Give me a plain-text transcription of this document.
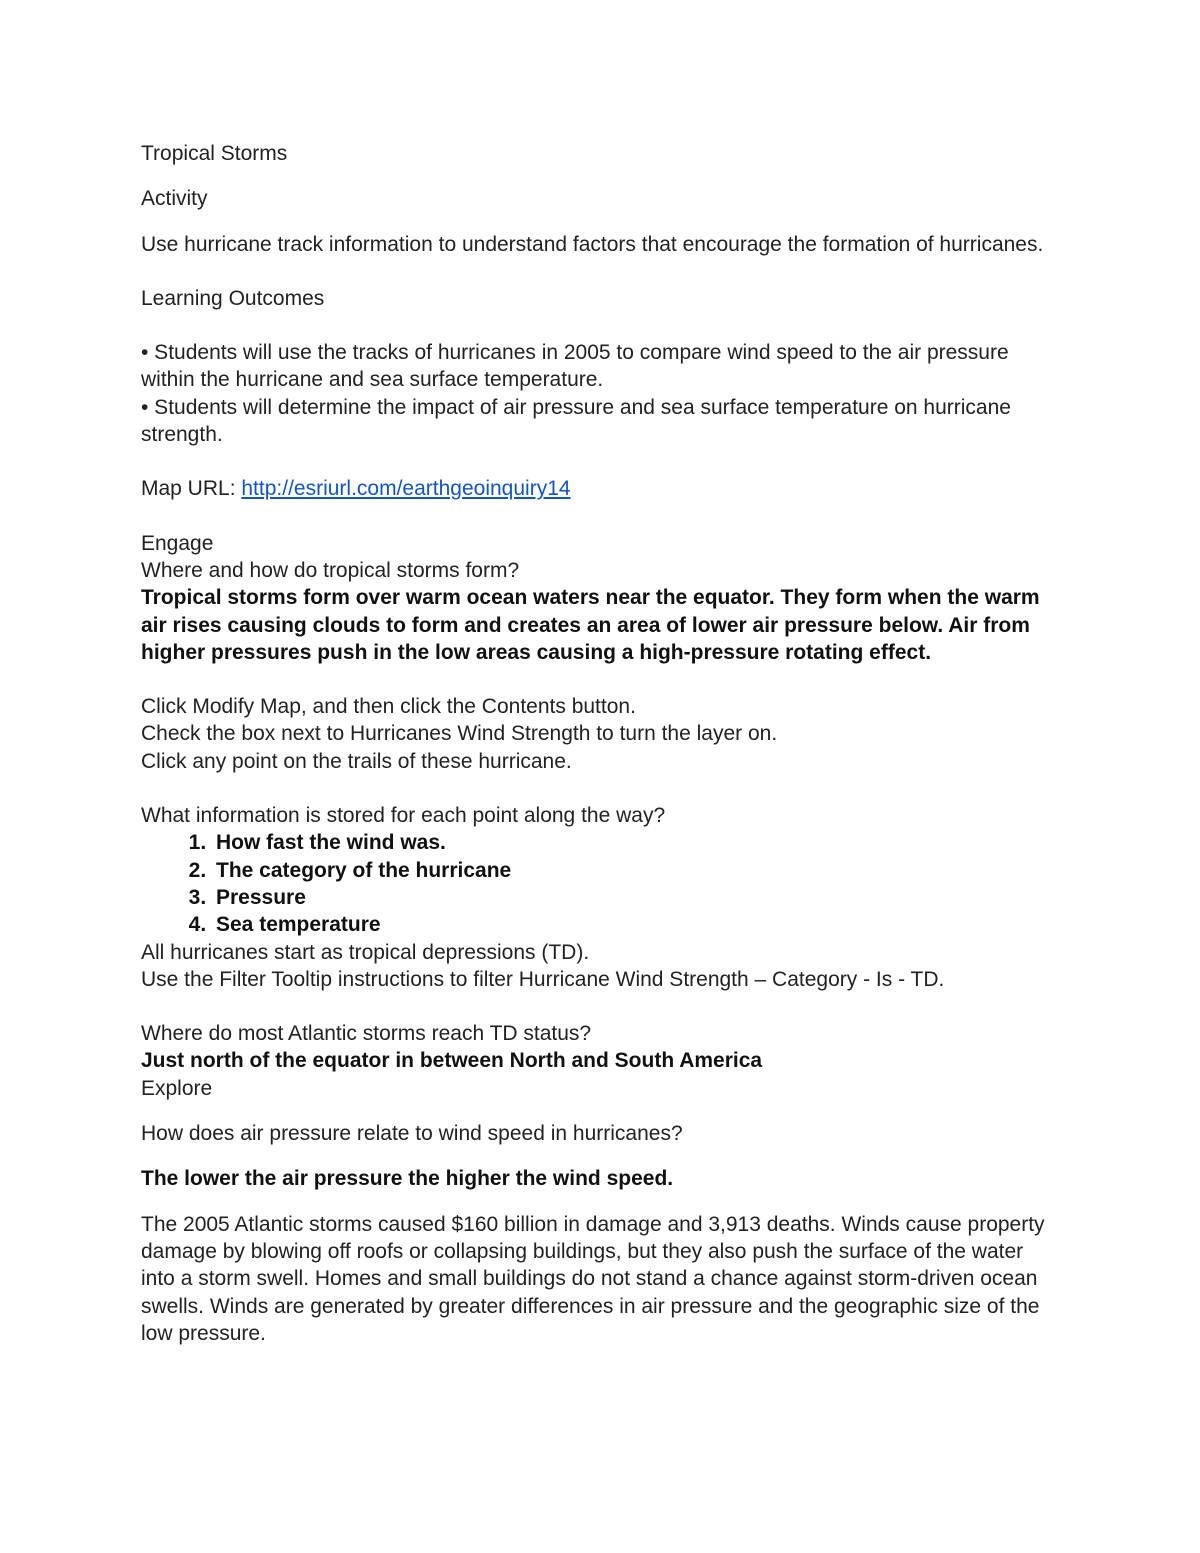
Tropical Storms

Activity

Use hurricane track information to understand factors that encourage the formation of hurricanes.

Learning Outcomes

• Students will use the tracks of hurricanes in 2005 to compare wind speed to the air pressure within the hurricane and sea surface temperature.

• Students will determine the impact of air pressure and sea surface temperature on hurricane strength.

Map URL: http://esriurl.com/earthgeoinquiry14

Engage

Where and how do tropical storms form?

Tropical storms form over warm ocean waters near the equator. They form when the warm air rises causing clouds to form and creates an area of lower air pressure below. Air from higher pressures push in the low areas causing a high-pressure rotating effect.

Click Modify Map, and then click the Contents button.

Check the box next to Hurricanes Wind Strength to turn the layer on.

Click any point on the trails of these hurricane.

What information is stored for each point along the way?

1. How fast the wind was.
2. The category of the hurricane
3. Pressure
4. Sea temperature

All hurricanes start as tropical depressions (TD).

Use the Filter Tooltip instructions to filter Hurricane Wind Strength – Category - Is - TD.

Where do most Atlantic storms reach TD status?

Just north of the equator in between North and South America

Explore

How does air pressure relate to wind speed in hurricanes?

The lower the air pressure the higher the wind speed.

The 2005 Atlantic storms caused $160 billion in damage and 3,913 deaths. Winds cause property damage by blowing off roofs or collapsing buildings, but they also push the surface of the water into a storm swell. Homes and small buildings do not stand a chance against storm-driven ocean swells. Winds are generated by greater differences in air pressure and the geographic size of the low pressure.
